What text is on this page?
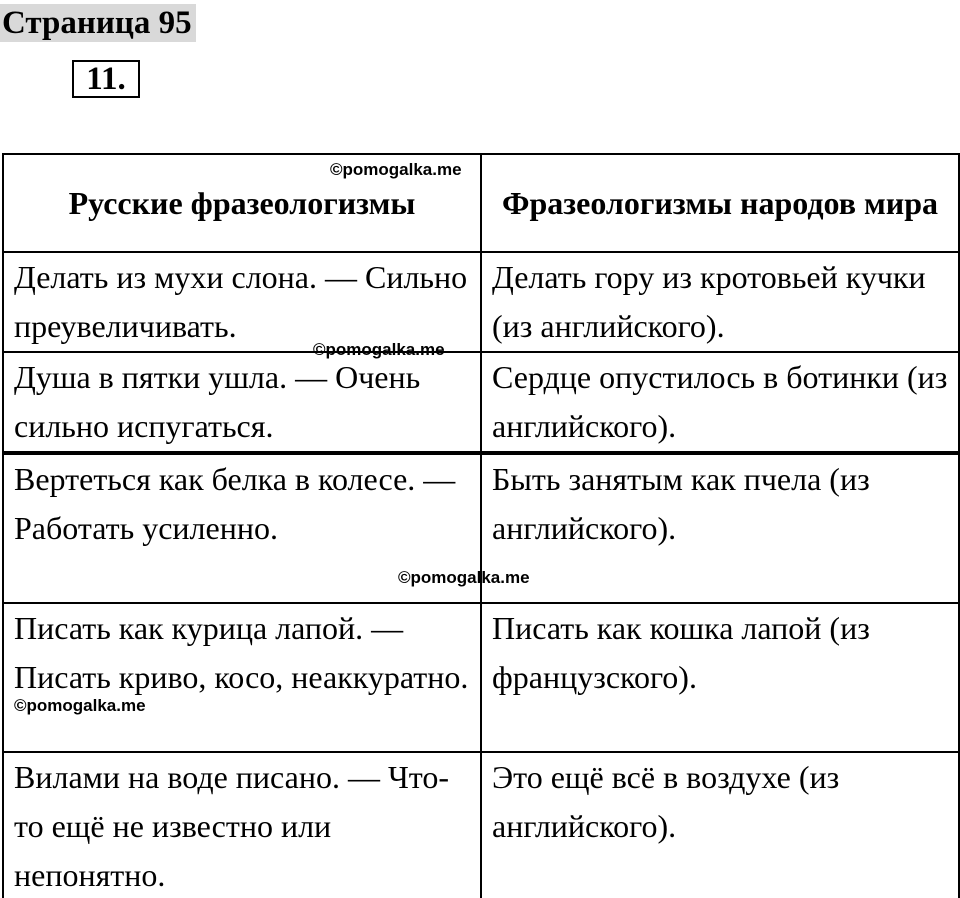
Страница 95
11.
Русские фразеологизмы	Фразеологизмы народов мира
Делать из мухи слона. — Сильно преувеличивать.	Делать гору из кротовьей кучки (из английского).
Душа в пятки ушла. — Очень сильно испугаться.	Сердце опустилось в ботинки (из английского).

Вертеться как белка в колесе. — Работать усиленно.	Быть занятым как пчела (из английского).
Писать как курица лапой. — Писать криво, косо, неаккуратно.	Писать как кошка лапой (из французского).
Вилами на воде писано. — Что-то ещё не известно или непонятно.	Это ещё всё в воздухе (из английского).
©pomogalka.me
©pomogalka.me
©pomogalka.me
©pomogalka.me
